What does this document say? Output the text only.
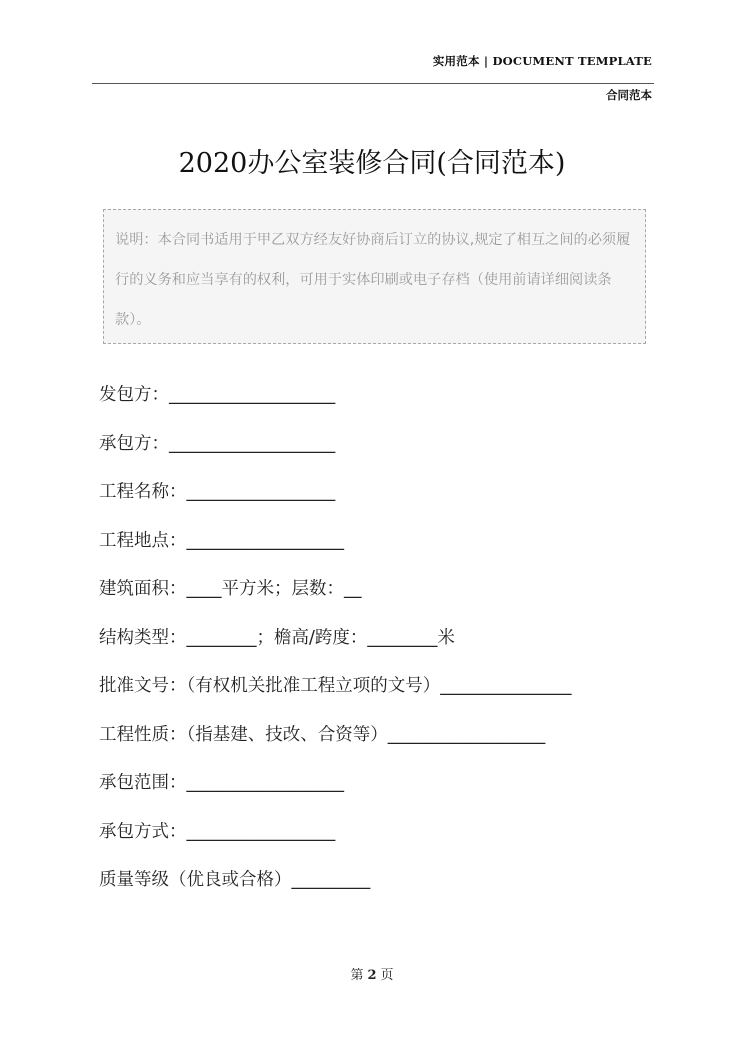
实用范本 | DOCUMENT TEMPLATE
合同范本
2020办公室装修合同(合同范本)
说明：本合同书适用于甲乙双方经友好协商后订立的协议,规定了相互之间的必须履行的义务和应当享有的权利，可用于实体印刷或电子存档（使用前请详细阅读条款）。
发包方：___________________
承包方：___________________
工程名称：_________________
工程地点：__________________
建筑面积：____平方米；层数：__
结构类型：________；檐高/跨度：________米
批准文号：（有权机关批准工程立项的文号）_______________
工程性质：（指基建、技改、合资等）__________________
承包范围：__________________
承包方式：_________________
质量等级（优良或合格）_________
第 2 页
